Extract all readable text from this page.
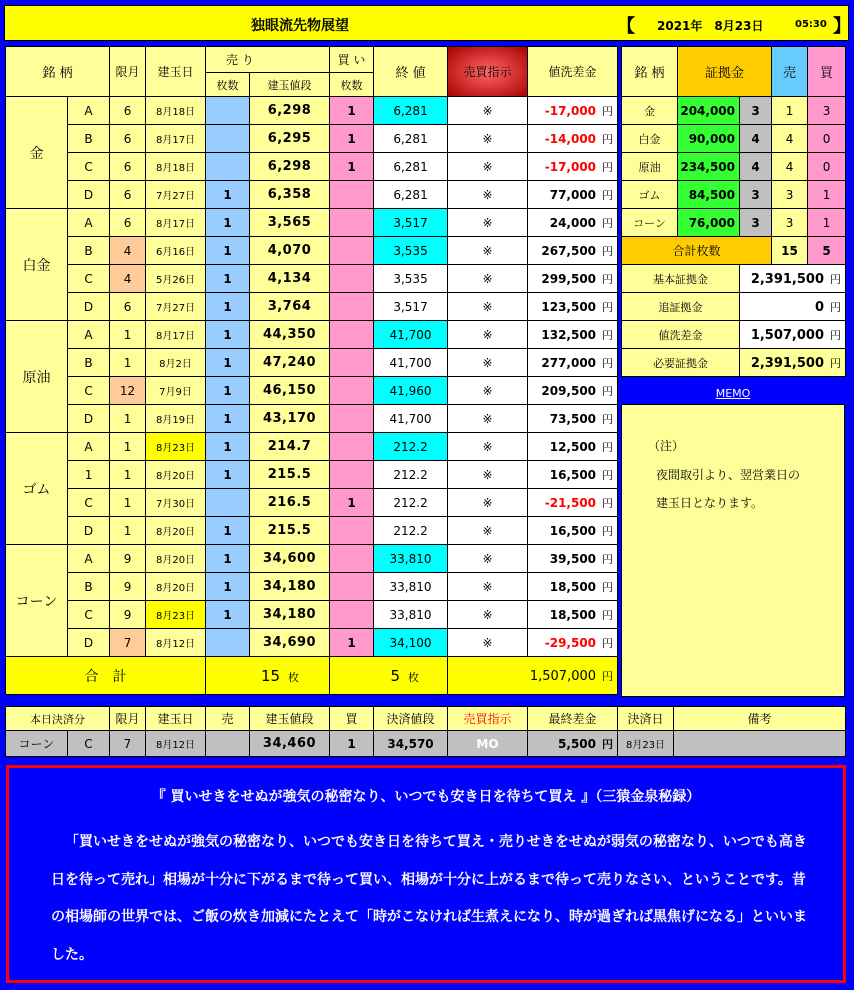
独眼流先物展望	【 2021年　8月23日	05:30 】
銘 柄		限月	建玉日	売 り		買 い	終 値	売買指示	値洗差金
				枚数	建玉値段	枚数			
金	A	6	8月18日		6,298	1	6,281	※	-17,000 円
	B	6	8月17日		6,295	1	6,281	※	-14,000 円
	C	6	8月18日		6,298	1	6,281	※	-17,000 円
	D	6	7月27日	1	6,358		6,281	※	77,000 円
白金	A	6	8月17日	1	3,565		3,517	※	24,000 円
	B	4	6月16日	1	4,070		3,535	※	267,500 円
	C	4	5月26日	1	4,134		3,535	※	299,500 円
	D	6	7月27日	1	3,764		3,517	※	123,500 円
原油	A	1	8月17日	1	44,350		41,700	※	132,500 円
	B	1	8月2日	1	47,240		41,700	※	277,000 円
	C	12	7月9日	1	46,150		41,960	※	209,500 円
	D	1	8月19日	1	43,170		41,700	※	73,500 円
ゴム	A	1	8月23日	1	214.7		212.2	※	12,500 円
	1	1	8月20日	1	215.5		212.2	※	16,500 円
	C	1	7月30日		216.5	1	212.2	※	-21,500 円
	D	1	8月20日	1	215.5		212.2	※	16,500 円
コーン	A	9	8月20日	1	34,600		33,810	※	39,500 円
	B	9	8月20日	1	34,180		33,810	※	18,500 円
	C	9	8月23日	1	34,180		33,810	※	18,500 円
	D	7	8月12日		34,690	1	34,100	※	-29,500 円
合　計				15 枚		5 枚		1,507,000 円	
銘 柄	証拠金		売	買
金	204,000	3	1	3
白金	90,000	4	4	0
原油	234,500	4	4	0
ゴム	84,500	3	3	1
コーン	76,000	3	3	1
合計枚数			15	5
基本証拠金		2,391,500 円		
追証拠金		0 円		
値洗差金		1,507,000 円		
必要証拠金		2,391,500 円		
MEMO
（注）
夜間取引より、翌営業日の
建玉日となります。
本日決済分		限月	建玉日	売	建玉値段	買	決済値段	売買指示	最終差金	決済日	備考
コーン	C	7	8月12日		34,460	1	34,570	MO	5,500 円	8月23日	
『 買いせきをせぬが強気の秘密なり、いつでも安き日を待ちて買え 』（三猿金泉秘録）
「買いせきをせぬが強気の秘密なり、いつでも安き日を待ちて買え・売りせきをせぬが弱気の秘密なり、いつでも高き日を待って売れ」相場が十分に下がるまで待って買い、相場が十分に上がるまで待って売りなさい、ということです。昔の相場師の世界では、ご飯の炊き加減にたとえて「時がこなければ生煮えになり、時が過ぎれば黒焦げになる」といいました。
